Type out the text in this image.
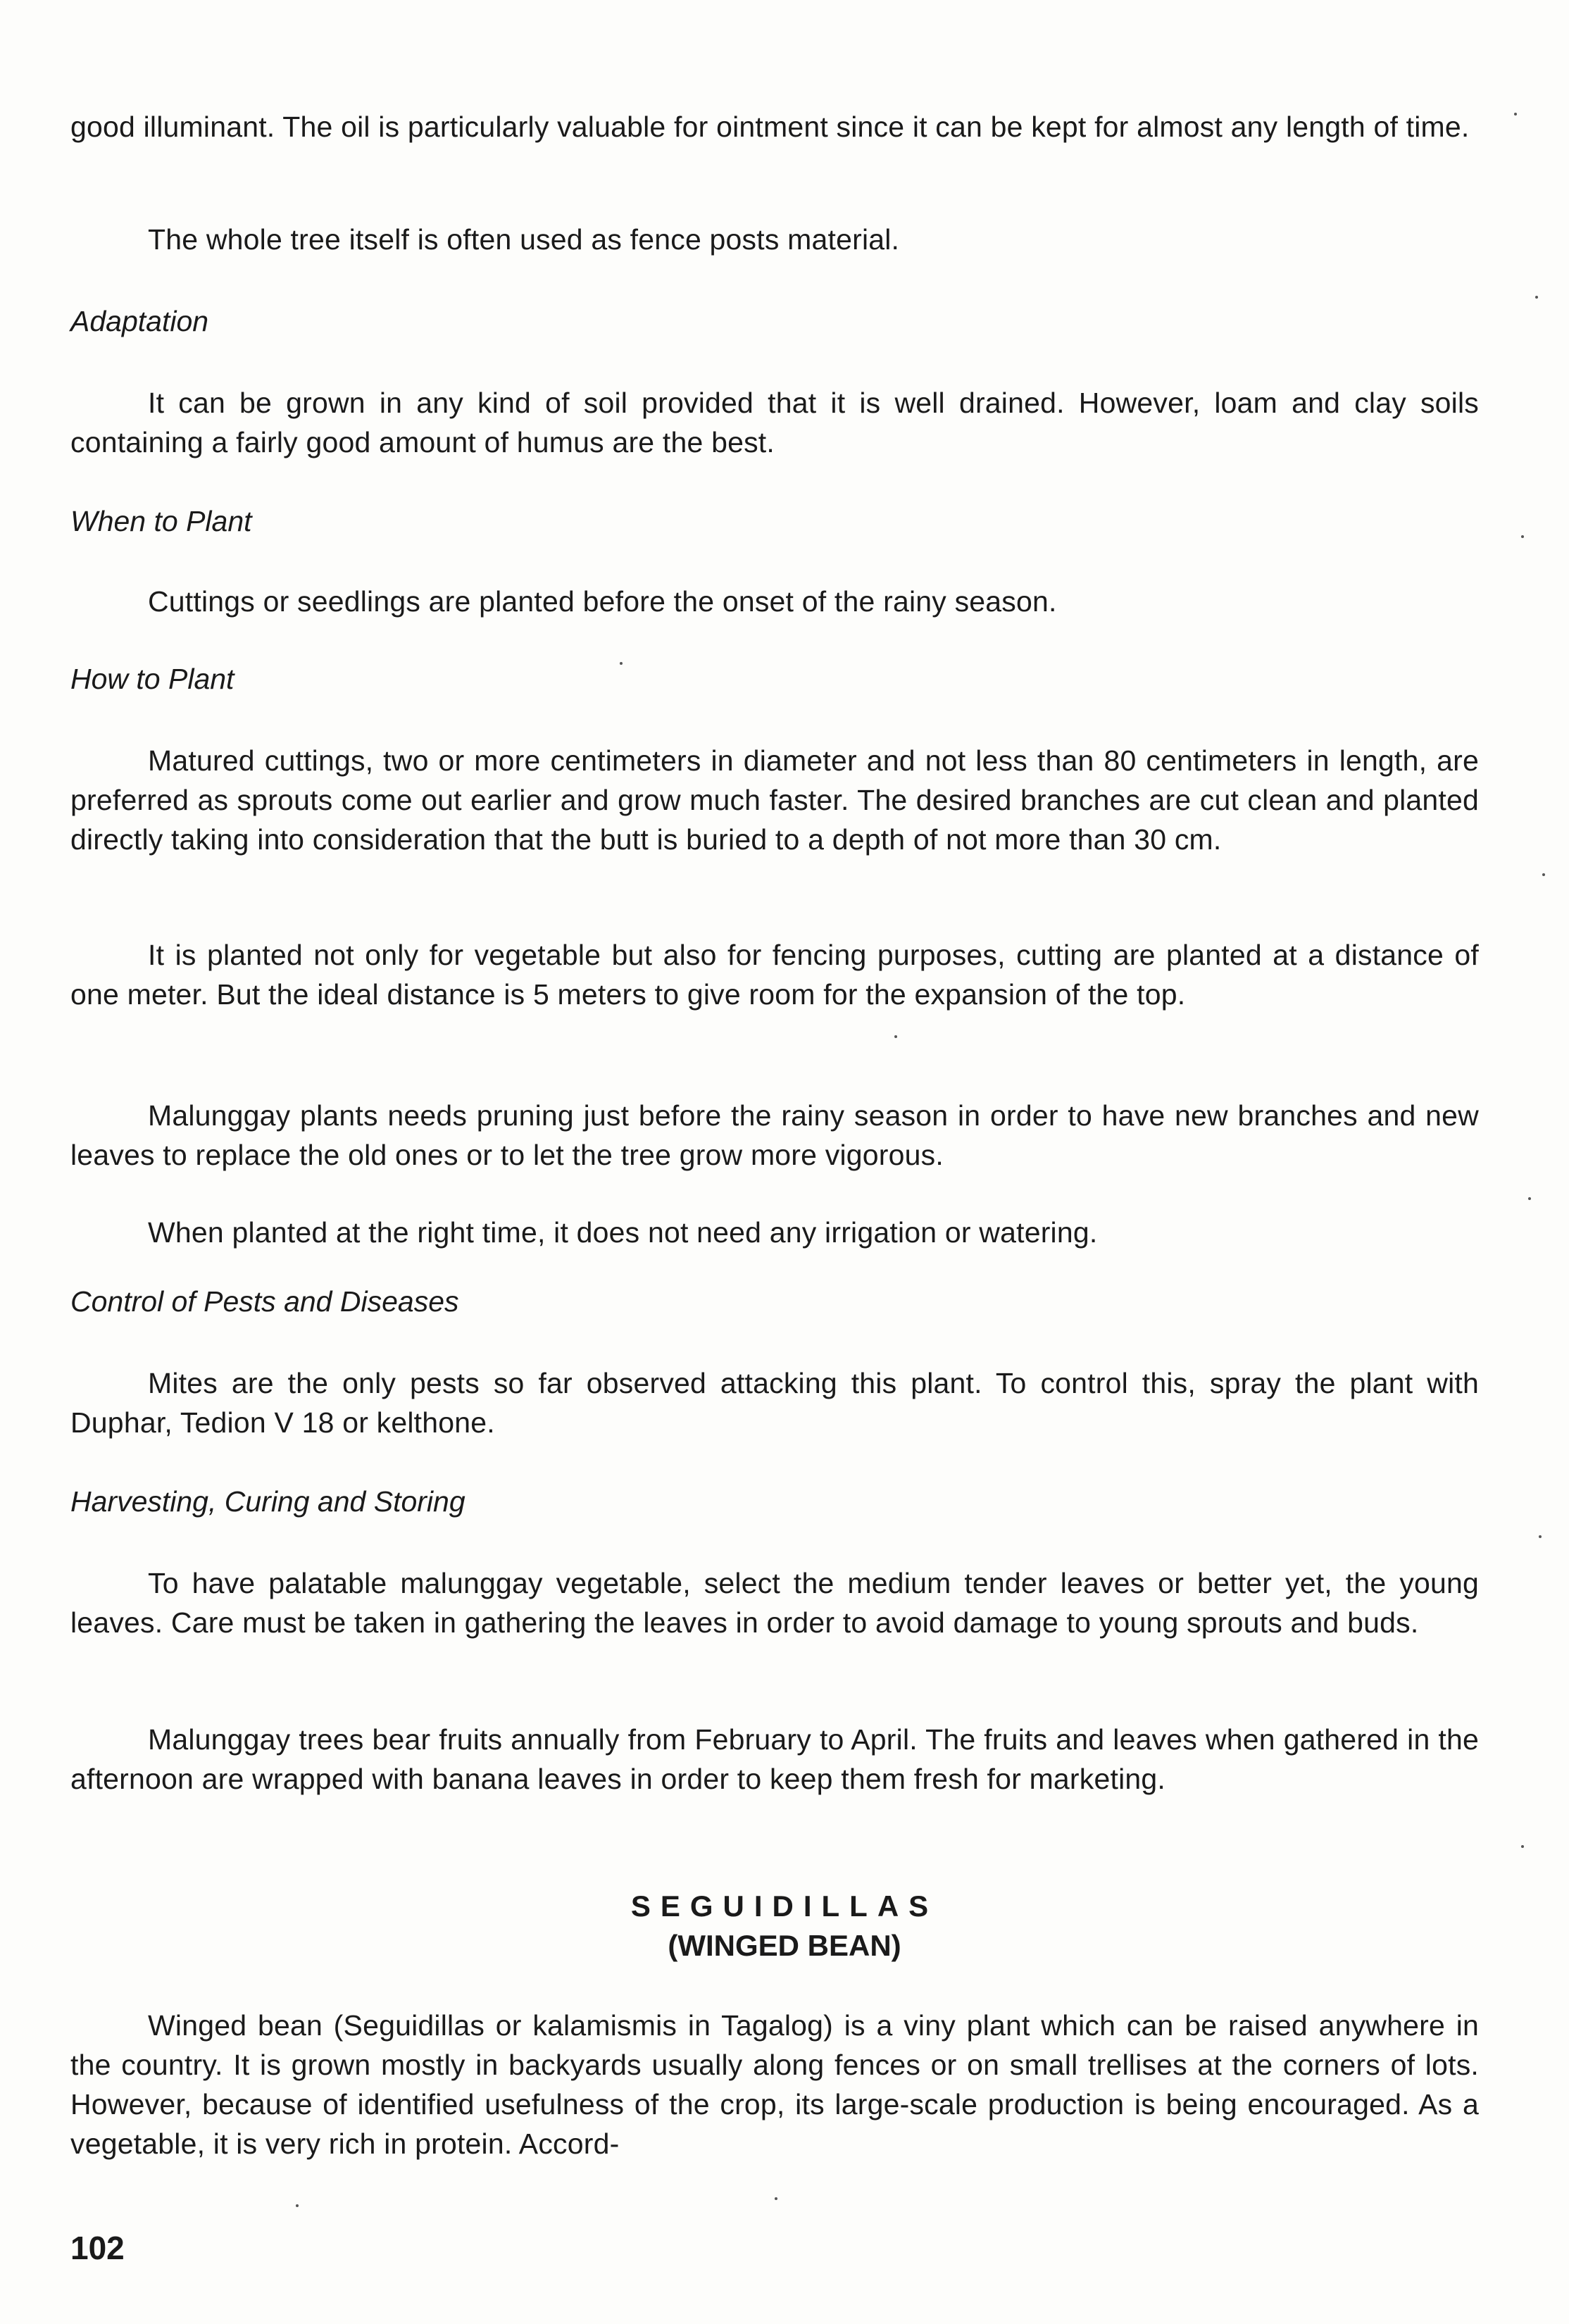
good illuminant. The oil is particularly valuable for ointment since it can be kept for almost any length of time.
The whole tree itself is often used as fence posts material.
Adaptation
It can be grown in any kind of soil provided that it is well drained. However, loam and clay soils containing a fairly good amount of humus are the best.
When to Plant
Cuttings or seedlings are planted before the onset of the rainy season.
How to Plant
Matured cuttings, two or more centimeters in diameter and not less than 80 centimeters in length, are preferred as sprouts come out earlier and grow much faster. The desired branches are cut clean and planted directly taking into consideration that the butt is buried to a depth of not more than 30 cm.
It is planted not only for vegetable but also for fencing purposes, cutting are planted at a distance of one meter. But the ideal distance is 5 meters to give room for the expansion of the top.
Malunggay plants needs pruning just before the rainy season in order to have new branches and new leaves to replace the old ones or to let the tree grow more vigorous.
When planted at the right time, it does not need any irrigation or watering.
Control of Pests and Diseases
Mites are the only pests so far observed attacking this plant. To control this, spray the plant with Duphar, Tedion V 18 or kelthone.
Harvesting, Curing and Storing
To have palatable malunggay vegetable, select the medium tender leaves or better yet, the young leaves. Care must be taken in gathering the leaves in order to avoid damage to young sprouts and buds.
Malunggay trees bear fruits annually from February to April. The fruits and leaves when gathered in the afternoon are wrapped with banana leaves in order to keep them fresh for marketing.
SEGUIDILLAS
(WINGED BEAN)
Winged bean (Seguidillas or kalamismis in Tagalog) is a viny plant which can be raised anywhere in the country. It is grown mostly in backyards usually along fences or on small trellises at the corners of lots. However, because of identified usefulness of the crop, its large-scale production is being encouraged. As a vegetable, it is very rich in protein. Accord-
102
